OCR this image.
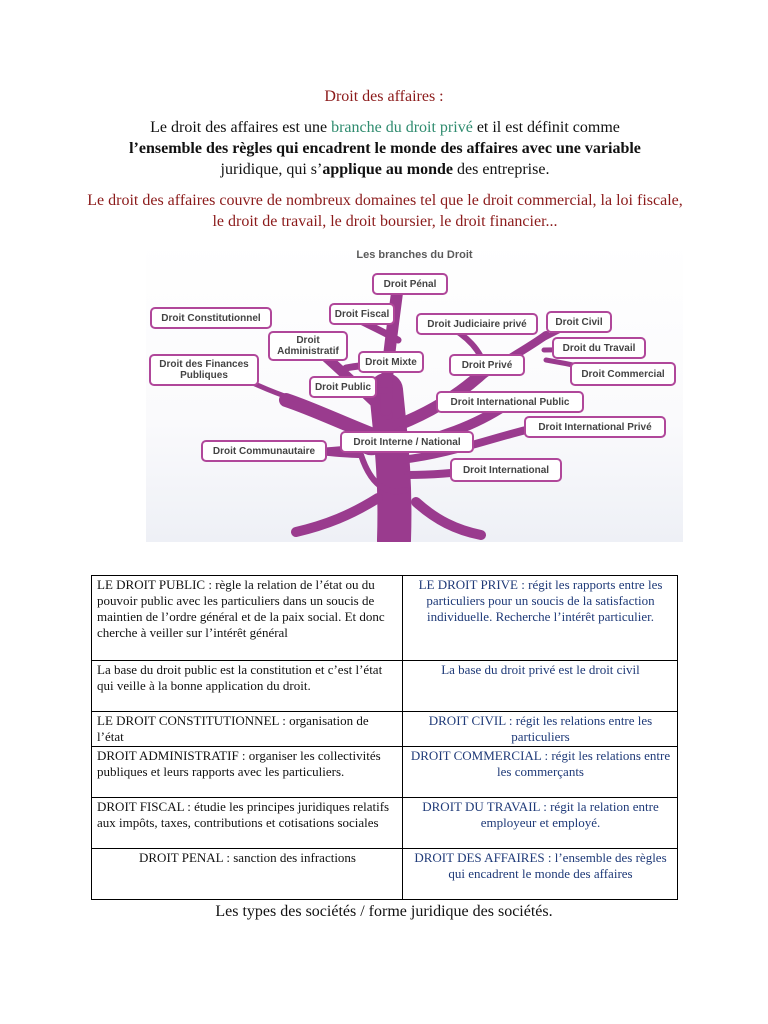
Droit des affaires :
Le droit des affaires est une branche du droit privé et il est définit comme
l’ensemble des règles qui encadrent le monde des affaires avec une variable
juridique, qui s’applique au monde des entreprise.
Le droit des affaires couvre de nombreux domaines tel que le droit commercial, la loi fiscale, le droit de travail, le droit boursier, le droit financier...
Les branches du Droit
Droit Pénal
Droit Constitutionnel	Droit Fiscal
Droit Judiciaire privé	Droit Civil
Droit Administratif
Droit des Finances Publiques
Droit Mixte	Droit Privé
Droit du Travail
Droit Commercial
Droit Public
Droit International Public
Droit International Privé
Droit Communautaire
Droit Interne / National
Droit International
LE DROIT PUBLIC : règle la relation de l’état ou du pouvoir public avec les particuliers dans un soucis de maintien de l’ordre général et de la paix social. Et donc cherche à veiller sur l’intérêt général	LE DROIT PRIVE : régit les rapports entre les particuliers pour un soucis de la satisfaction individuelle. Recherche l’intérêt particulier.
La base du droit public est la constitution et c’est l’état qui veille à la bonne application du droit.	La base du droit privé est le droit civil
LE DROIT CONSTITUTIONNEL : organisation de l’état	DROIT CIVIL : régit les relations entre les particuliers
DROIT ADMINISTRATIF : organiser les collectivités publiques et leurs rapports avec les particuliers.	DROIT COMMERCIAL : régit les relations entre les commerçants
DROIT FISCAL : étudie les principes juridiques relatifs aux impôts, taxes, contributions et cotisations sociales	DROIT DU TRAVAIL : régit la relation entre employeur et employé.
DROIT PENAL : sanction des infractions	DROIT DES AFFAIRES : l’ensemble des règles qui encadrent le monde des affaires
Les types des sociétés / forme juridique des sociétés.
